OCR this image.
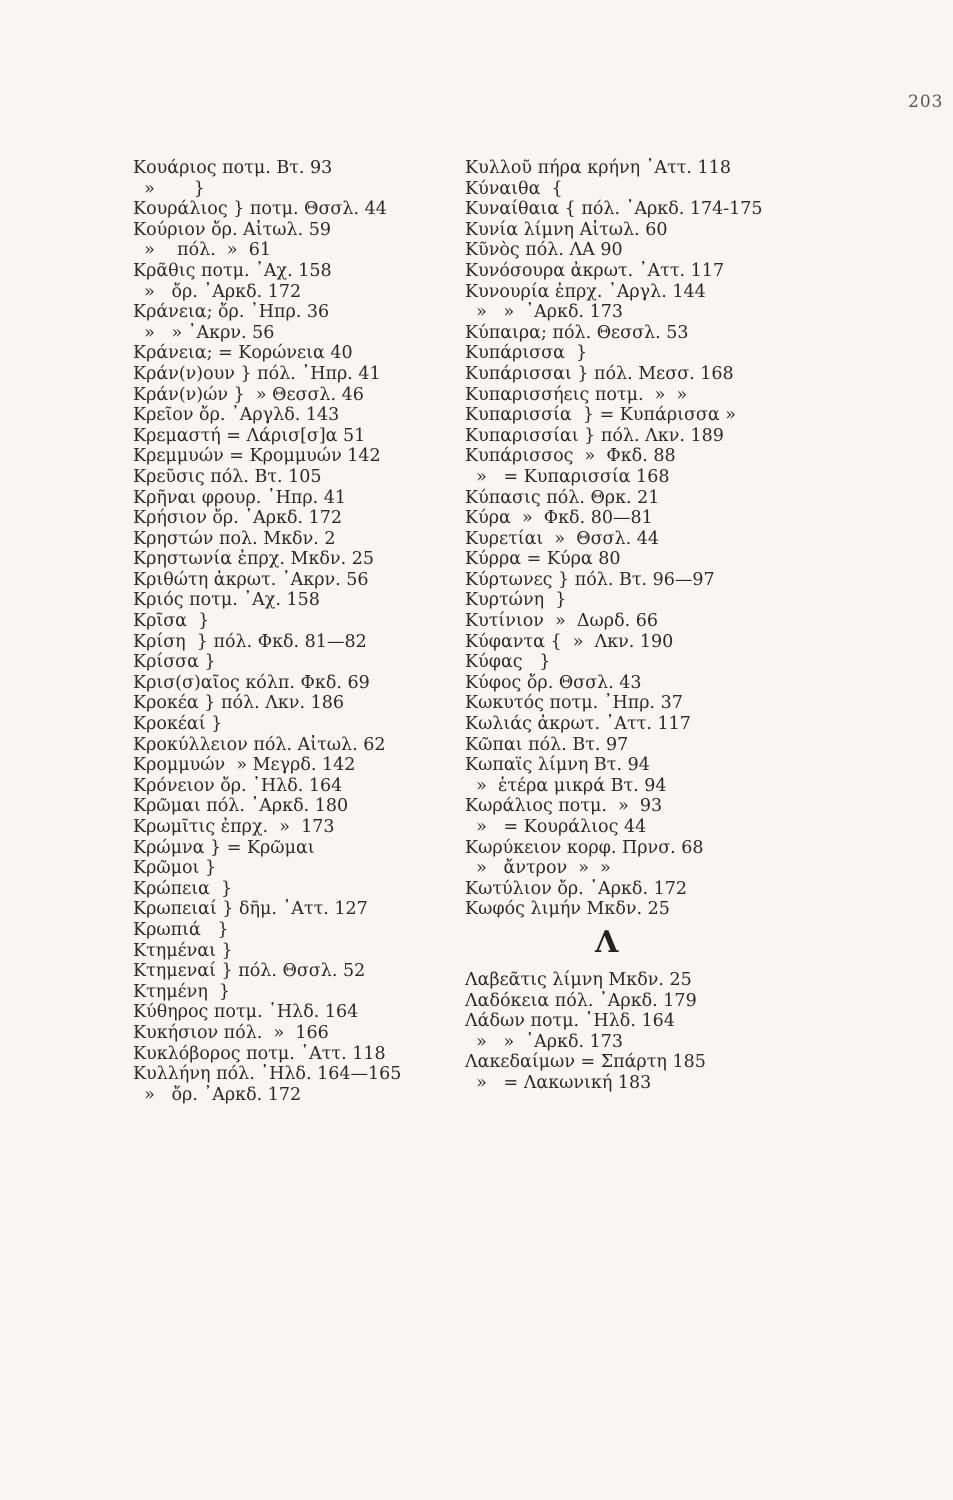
203
Κουάριος ποτμ. Βτ. 93
»       }
Κουράλιος } ποτμ. Θσσλ. 44
Κούριον ὄρ. Αἰτωλ. 59
»    πόλ.  »  61
Κρᾶθις ποτμ. ᾿Αχ. 158
»   ὄρ. ᾿Αρκδ. 172
Κράνεια; ὄρ. ᾿Ηπρ. 36
»   » ᾿Ακρν. 56
Κράνεια; = Κορώνεια 40
Κράν(ν)ουν } πόλ. ᾿Ηπρ. 41
Κράν(ν)ών }  » Θεσσλ. 46
Κρεῖον ὄρ. ᾿Αργλδ. 143
Κρεμαστή = Λάρισ[σ]α 51
Κρεμμυών = Κρομμυών 142
Κρεῦσις πόλ. Βτ. 105
Κρῆναι φρουρ. ᾿Ηπρ. 41
Κρήσιον ὄρ. ᾿Αρκδ. 172
Κρηστών πολ. Μκδν. 2
Κρηστωνία ἐπρχ. Μκδν. 25
Κριθώτη ἀκρωτ. ᾿Ακρν. 56
Κριός ποτμ. ᾿Αχ. 158
Κρῖσα  }
Κρίση  } πόλ. Φκδ. 81—82
Κρίσσα }
Κρισ(σ)αῖος κόλπ. Φκδ. 69
Κροκέα } πόλ. Λκν. 186
Κροκέαί }
Κροκύλλειον πόλ. Αἰτωλ. 62
Κρομμυών  » Μεγρδ. 142
Κρόνειον ὄρ. ῾Ηλδ. 164
Κρῶμαι πόλ. ᾿Αρκδ. 180
Κρωμῖτις ἐπρχ.  »  173
Κρώμνα } = Κρῶμαι
Κρῶμοι }
Κρώπεια  }
Κρωπειαί } δῆμ. ᾿Αττ. 127
Κρωπιά   }
Κτημέναι }
Κτημεναί } πόλ. Θσσλ. 52
Κτημένη  }
Κύθηρος ποτμ. ῾Ηλδ. 164
Κυκήσιον πόλ.  »  166
Κυκλόβορος ποτμ. ᾿Αττ. 118
Κυλλήνη πόλ. ῾Ηλδ. 164—165
»   ὄρ. ᾿Αρκδ. 172
Κυλλοῦ πήρα κρήνη ᾿Αττ. 118
Κύναιθα  {
Κυναίθαια { πόλ. ᾿Αρκδ. 174-175
Κυνία λίμνη Αἰτωλ. 60
Κῦνὸς πόλ. ΛΑ 90
Κυνόσουρα ἀκρωτ. ᾿Αττ. 117
Κυνουρία ἐπρχ. ᾿Αργλ. 144
»   »  ᾿Αρκδ. 173
Κύπαιρα; πόλ. Θεσσλ. 53
Κυπάρισσα  }
Κυπάρισσαι } πόλ. Μεσσ. 168
Κυπαρισσήεις ποτμ.  »  »
Κυπαρισσία  } = Κυπάρισσα »
Κυπαρισσίαι } πόλ. Λκν. 189
Κυπάρισσος  »  Φκδ. 88
»   = Κυπαρισσία 168
Κύπασις πόλ. Θρκ. 21
Κύρα  »  Φκδ. 80—81
Κυρετίαι  »  Θσσλ. 44
Κύρρα = Κύρα 80
Κύρτωνες } πόλ. Βτ. 96—97
Κυρτώνη  }
Κυτίνιον  »  Δωρδ. 66
Κύφαντα {  »  Λκν. 190
Κύφας   }
Κύφος ὄρ. Θσσλ. 43
Κωκυτός ποτμ. ᾿Ηπρ. 37
Κωλιάς ἀκρωτ. ᾿Αττ. 117
Κῶπαι πόλ. Βτ. 97
Κωπαΐς λίμνη Βτ. 94
»  ἑτέρα μικρά Βτ. 94
Κωράλιος ποτμ.  »  93
»   = Κουράλιος 44
Κωρύκειον κορφ. Πρνσ. 68
»   ἄντρον  »  »
Κωτύλιον ὄρ. ᾿Αρκδ. 172
Κωφός λιμήν Μκδν. 25
Λ
Λαβεᾶτις λίμνη Μκδν. 25
Λαδόκεια πόλ. ᾿Αρκδ. 179
Λάδων ποτμ. ῾Ηλδ. 164
»   »  ᾿Αρκδ. 173
Λακεδαίμων = Σπάρτη 185
»   = Λακωνική 183
